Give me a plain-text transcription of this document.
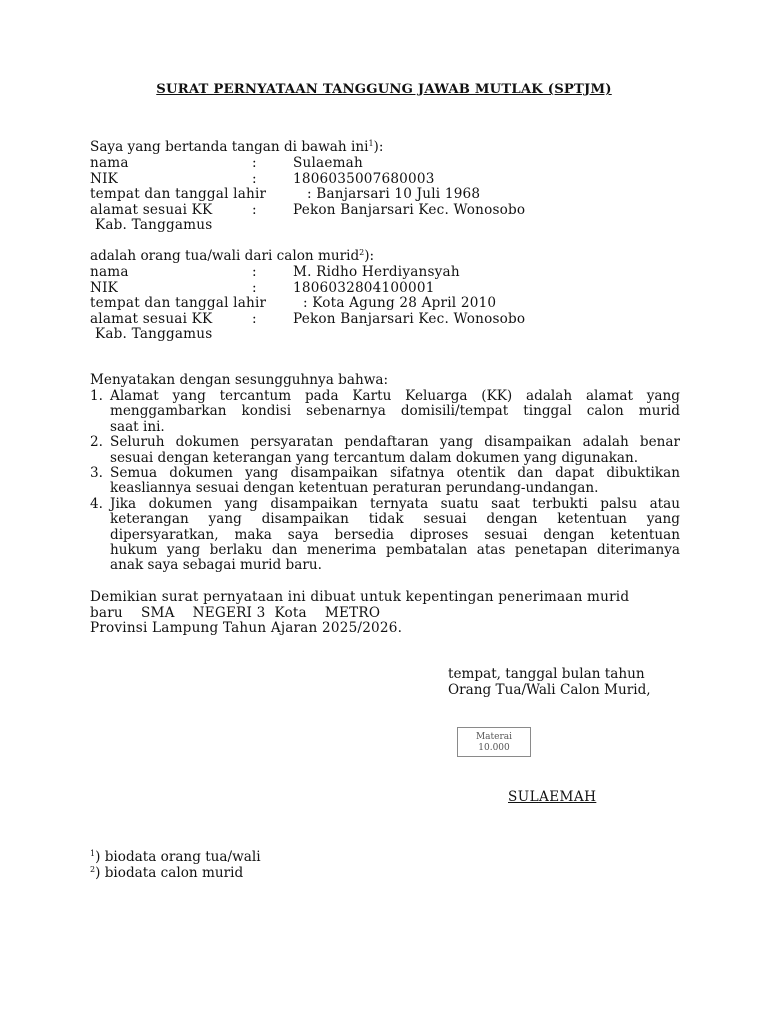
SURAT PERNYATAAN TANGGUNG JAWAB MUTLAK (SPTJM)
Saya yang bertanda tangan di bawah ini$^1$):
nama	:	Sulaemah
NIK	:	1806035007680003
tempat dan tanggal lahir	: Banjarsari 10 Juli 1968
alamat sesuai KK	:	Pekon Banjarsari Kec. Wonosobo
Kab. Tanggamus
adalah orang tua/wali dari calon murid$^2$):
nama	:	M. Ridho Herdiyansyah
NIK	:	1806032804100001
tempat dan tanggal lahir	: Kota Agung 28 April 2010
alamat sesuai KK	:	Pekon Banjarsari Kec. Wonosobo
Kab. Tanggamus
Menyatakan dengan sesungguhnya bahwa:
1. Alamat yang tercantum pada Kartu Keluarga (KK) adalah alamat yang
menggambarkan kondisi sebenarnya domisili/tempat tinggal calon murid
saat ini.
2. Seluruh dokumen persyaratan pendaftaran yang disampaikan adalah benar
sesuai dengan keterangan yang tercantum dalam dokumen yang digunakan.
3. Semua dokumen yang disampaikan sifatnya otentik dan dapat dibuktikan
keasliannya sesuai dengan ketentuan peraturan perundang-undangan.
4. Jika dokumen yang disampaikan ternyata suatu saat terbukti palsu atau
keterangan yang disampaikan tidak sesuai dengan ketentuan yang
dipersyaratkan, maka saya bersedia diproses sesuai dengan ketentuan
hukum yang berlaku dan menerima pembatalan atas penetapan diterimanya
anak saya sebagai murid baru.
Demikian surat pernyataan ini dibuat untuk kepentingan penerimaan murid
baru    SMA    NEGERI 3  Kota    METRO
Provinsi Lampung Tahun Ajaran 2025/2026.
tempat, tanggal bulan tahun
Orang Tua/Wali Calon Murid,
Materai
10.000
SULAEMAH
$^1$) biodata orang tua/wali
$^2$) biodata calon murid
